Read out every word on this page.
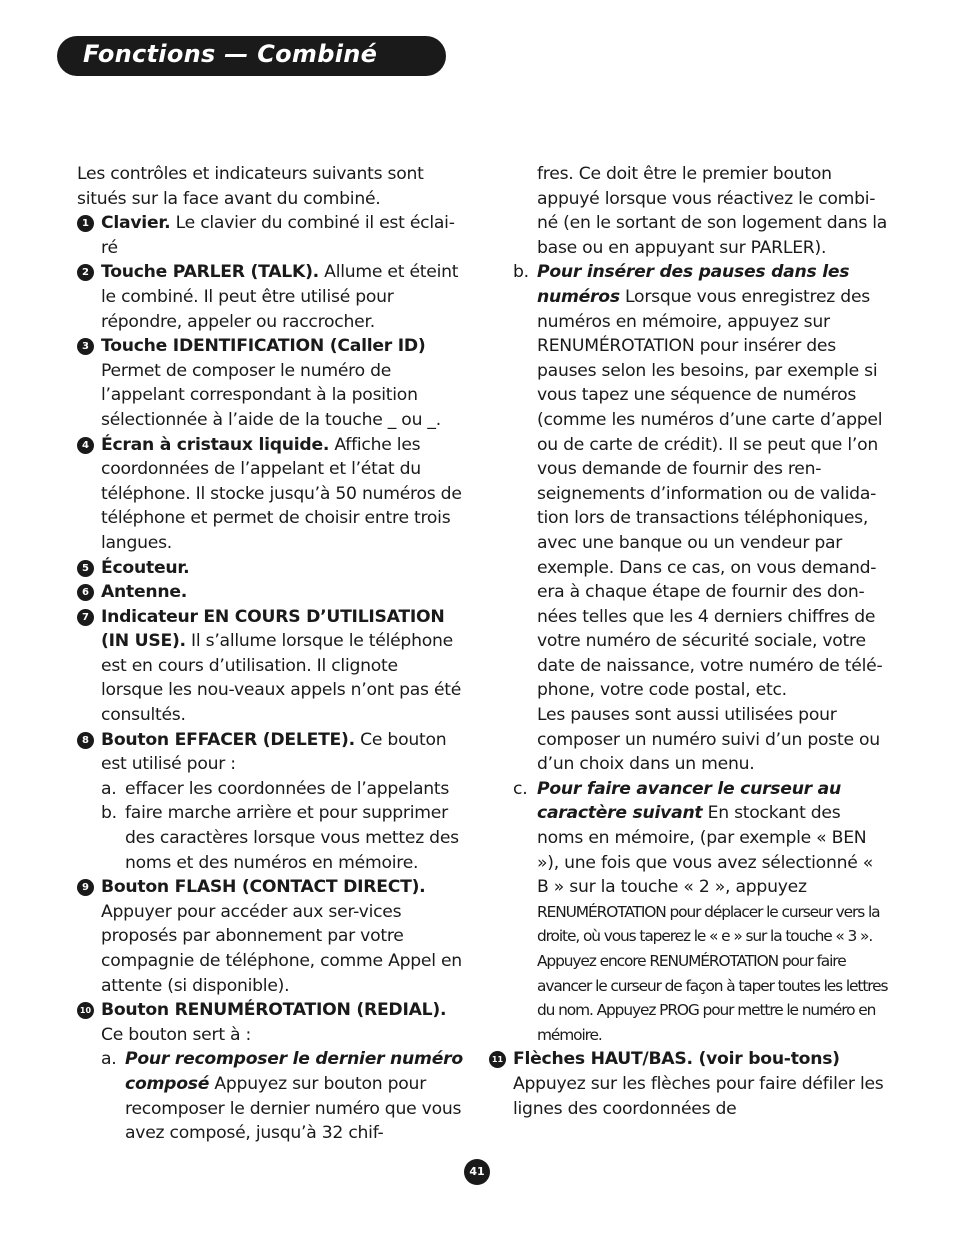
Fonctions — Combiné

Les contrôles et indicateurs suivants sont situés sur la face avant du combiné.

1 Clavier. Le clavier du combiné il est éclai-ré

2 Touche PARLER (TALK). Allume et éteint le combiné. Il peut être utilisé pour répondre, appeler ou raccrocher.

3 Touche IDENTIFICATION (Caller ID) Permet de composer le numéro de l’appelant correspondant à la position sélectionnée à l’aide de la touche _ ou _.

4 Écran à cristaux liquide. Affiche les coordonnées de l’appelant et l’état du téléphone. Il stocke jusqu’à 50 numéros de téléphone et permet de choisir entre trois langues.

5 Écouteur.

6 Antenne.

7 Indicateur EN COURS D’UTILISATION (IN USE). Il s’allume lorsque le téléphone est en cours d’utilisation. Il clignote lorsque les nou-veaux appels n’ont pas été consultés.

8 Bouton EFFACER (DELETE). Ce bouton est utilisé pour :

a. effacer les coordonnées de l’appelants

b. faire marche arrière et pour supprimer des caractères lorsque vous mettez des noms et des numéros en mémoire.

9 Bouton FLASH (CONTACT DIRECT). Appuyer pour accéder aux ser-vices proposés par abonnement par votre compagnie de téléphone, comme Appel en attente (si disponible).

10 Bouton RENUMÉROTATION (REDIAL). Ce bouton sert à :

a. Pour recomposer le dernier numéro composé Appuyez sur bouton pour recomposer le dernier numéro que vous avez composé, jusqu’à 32 chif-

fres. Ce doit être le premier bouton appuyé lorsque vous réactivez le combi-né (en le sortant de son logement dans la base ou en appuyant sur PARLER).

b. Pour insérer des pauses dans les numéros Lorsque vous enregistrez des numéros en mémoire, appuyez sur RENUMÉROTATION pour insérer des pauses selon les besoins, par exemple si vous tapez une séquence de numéros (comme les numéros d’une carte d’appel ou de carte de crédit). Il se peut que l’on vous demande de fournir des ren-seignements d’information ou de valida-tion lors de transactions téléphoniques, avec une banque ou un vendeur par exemple. Dans ce cas, on vous demand-era à chaque étape de fournir des don-nées telles que les 4 derniers chiffres de votre numéro de sécurité sociale, votre date de naissance, votre numéro de télé-phone, votre code postal, etc.

Les pauses sont aussi utilisées pour composer un numéro suivi d’un poste ou d’un choix dans un menu.

c. Pour faire avancer le curseur au caractère suivant En stockant des noms en mémoire, (par exemple « BEN »), une fois que vous avez sélectionné « B » sur la touche « 2 », appuyez

RENUMÉROTATION pour déplacer le curseur vers la droite, où vous taperez le « e » sur la touche « 3 ». Appuyez encore RENUMÉROTATION pour faire avancer le curseur de façon à taper toutes les lettres du nom. Appuyez PROG pour mettre le numéro en mémoire.

11 Flèches HAUT/BAS. (voir bou-tons) Appuyez sur les flèches pour faire défiler les lignes des coordonnées de

41
